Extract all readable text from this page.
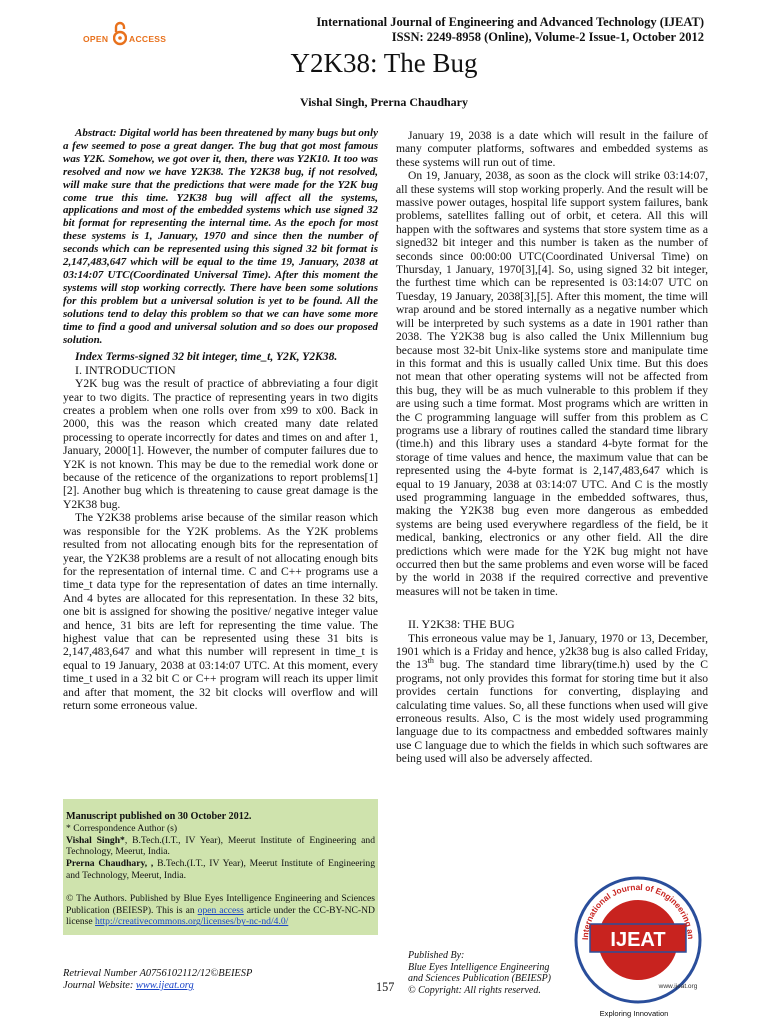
OPEN ACCESS
International Journal of Engineering and Advanced Technology (IJEAT)
ISSN: 2249-8958 (Online), Volume-2 Issue-1, October 2012
Y2K38: The Bug
Vishal Singh, Prerna Chaudhary

Abstract: Digital world has been threatened by many bugs but only a few seemed to pose a great danger. The bug that got most famous was Y2K. Somehow, we got over it, then, there was Y2K10. It too was resolved and now we have Y2K38. The Y2K38 bug, if not resolved, will make sure that the predictions that were made for the Y2K bug come true this time. Y2K38 bug will affect all the systems, applications and most of the embedded systems which use signed 32 bit format for representing the internal time. As the epoch for most these systems is 1, January, 1970 and since then the number of seconds which can be represented using this signed 32 bit format is 2,147,483,647 which will be equal to the time 19, January, 2038 at 03:14:07 UTC(Coordinated Universal Time). After this moment the systems will stop working correctly. There have been some solutions for this problem but a universal solution is yet to be found. All the solutions tend to delay this problem so that we can have some more time to find a good and universal solution and so does our proposed solution.

Index Terms-signed 32 bit integer, time_t, Y2K, Y2K38.

I. INTRODUCTION

Y2K bug was the result of practice of abbreviating a four digit year to two digits. The practice of representing years in two digits creates a problem when one rolls over from x99 to x00. Back in 2000, this was the reason which created many date related processing to operate incorrectly for dates and times on and after 1, January, 2000[1]. However, the number of computer failures due to Y2K is not known. This may be due to the remedial work done or because of the reticence of the organizations to report problems[1][2]. Another bug which is threatening to cause great damage is the Y2K38 bug.

The Y2K38 problems arise because of the similar reason which was responsible for the Y2K problems. As the Y2K problems resulted from not allocating enough bits for the representation of year, the Y2K38 problems are a result of not allocating enough bits for the representation of internal time. C and C++ programs use a time_t data type for the representation of dates an time internally. And 4 bytes are allocated for this representation. In these 32 bits, one bit is assigned for showing the positive/ negative integer value and hence, 31 bits are left for representing the time value. The highest value that can be represented using these 31 bits is 2,147,483,647 and what this number will represent in time_t is equal to 19 January, 2038 at 03:14:07 UTC. At this moment, every time_t used in a 32 bit C or C++ program will reach its upper limit and after that moment, the 32 bit clocks will overflow and will return some erroneous value.

January 19, 2038 is a date which will result in the failure of many computer platforms, softwares and embedded systems as these systems will run out of time.

On 19, January, 2038, as soon as the clock will strike 03:14:07, all these systems will stop working properly. And the result will be massive power outages, hospital life support system failures, bank problems, satellites falling out of orbit, et cetera. All this will happen with the softwares and systems that store system time as a signed32 bit integer and this number is taken as the number of seconds since 00:00:00 UTC(Coordinated Universal Time) on Thursday, 1 January, 1970[3],[4]. So, using signed 32 bit integer, the furthest time which can be represented is 03:14:07 UTC on Tuesday, 19 January, 2038[3],[5]. After this moment, the time will wrap around and be stored internally as a negative number which will be interpreted by such systems as a date in 1901 rather than 2038. The Y2K38 bug is also called the Unix Millennium bug because most 32-bit Unix-like systems store and manipulate time in this format and this is usually called Unix time. But this does not mean that other operating systems will not be affected from this bug, they will be as much vulnerable to this problem if they are using such a time format. Most programs which are written in the C programming language will suffer from this problem as C programs use a library of routines called the standard time library (time.h) and this library uses a standard 4-byte format for the storage of time values and hence, the maximum value that can be represented using the 4-byte format is 2,147,483,647 which is equal to 19 January, 2038 at 03:14:07 UTC. And C is the mostly used programming language in the embedded softwares, thus, making the Y2K38 bug even more dangerous as embedded systems are being used everywhere regardless of the field, be it medical, banking, electronics or any other field. All the dire predictions which were made for the Y2K bug might not have occurred then but the same problems and even worse will be faced by the world in 2038 if the required corrective and preventive measures will not be taken in time.

II. Y2K38: THE BUG

This erroneous value may be 1, January, 1970 or 13, December, 1901 which is a Friday and hence, y2k38 bug is also called Friday, the 13th bug. The standard time library(time.h) used by the C programs, not only provides this format for storing time but it also provides certain functions for converting, displaying and calculating time values. So, all these functions when used will give erroneous results. Also, C is the most widely used programming language due to its compactness and embedded softwares mainly use C language due to which the fields in which such softwares are being used will also be adversely affected.

Manuscript published on 30 October 2012.

* Correspondence Author (s)

Vishal Singh*, B.Tech.(I.T., IV Year), Meerut Institute of Engineering and Technology, Meerut, India.

Prerna Chaudhary, , B.Tech.(I.T., IV Year), Meerut Institute of Engineering and Technology, Meerut, India.

© The Authors. Published by Blue Eyes Intelligence Engineering and Sciences Publication (BEIESP). This is an open access article under the CC-BY-NC-ND license http://creativecommons.org/licenses/by-nc-nd/4.0/

International Journal of Engineering an
IJEAT
www.ijeat.org
Exploring Innovation
Retrieval Number A0756102112/12©BEIESP
Journal Website: www.ijeat.org	157
Published By:
Blue Eyes Intelligence Engineering
and Sciences Publication (BEIESP)
© Copyright: All rights reserved.
